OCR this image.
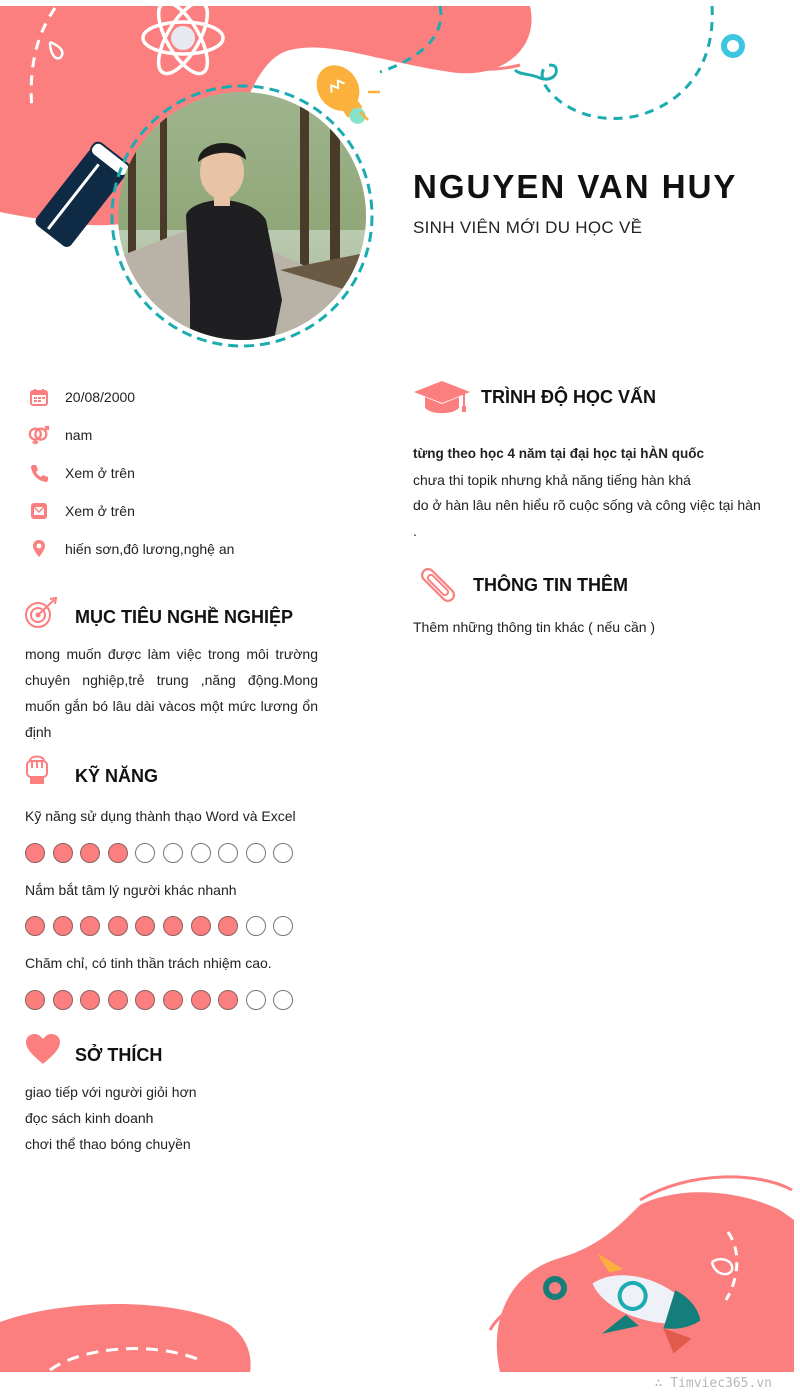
NGUYEN VAN HUY
SINH VIÊN MỚI DU HỌC VỀ
20/08/2000
nam
Xem ở trên
Xem ở trên
hiến sơn,đô lương,nghệ an
MỤC TIÊU NGHỀ NGHIỆP
mong muốn được làm việc trong môi trường chuyên nghiệp,trẻ trung ,năng động.Mong muốn gắn bó lâu dài vàcos một mức lương ổn định
KỸ NĂNG
Kỹ năng sử dụng thành thạo Word và Excel
Nắm bắt tâm lý người khác nhanh
Chăm chỉ, có tinh thần trách nhiệm cao.
SỞ THÍCH
giao tiếp với người giỏi hơn
đọc sách kinh doanh
chơi thể thao bóng chuyền
TRÌNH ĐỘ HỌC VẤN
từng theo học 4 năm tại đại học tại hÀN quốc
chưa thi topik nhưng khả năng tiếng hàn khá
do ở hàn lâu nên hiểu rõ cuộc sống và công việc tại hàn
.
THÔNG TIN THÊM
Thêm những thông tin khác ( nếu cần )
∴ Timviec365.vn
